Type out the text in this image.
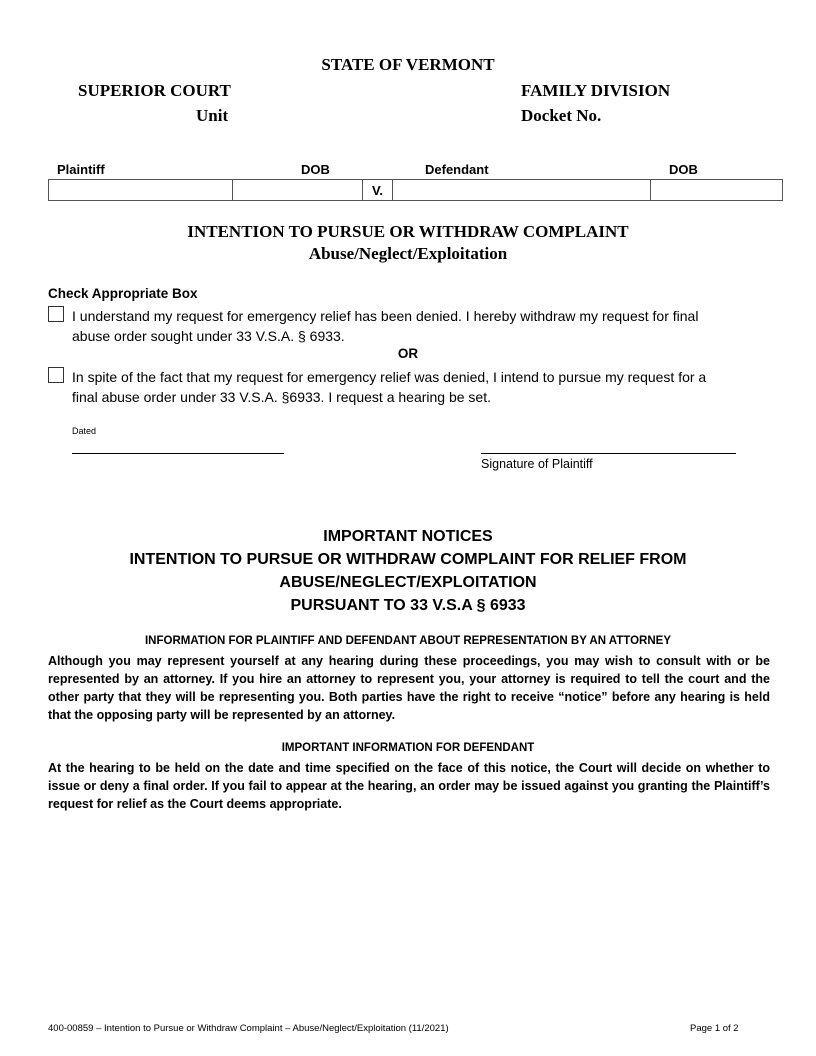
STATE OF VERMONT
SUPERIOR COURT
Unit
FAMILY DIVISION
Docket No.
Plaintiff	DOB	Defendant	DOB
V.
INTENTION TO PURSUE OR WITHDRAW COMPLAINT
Abuse/Neglect/Exploitation
Check Appropriate Box
I understand my request for emergency relief has been denied. I hereby withdraw my request for final
abuse order sought under 33 V.S.A. § 6933.
OR
In spite of the fact that my request for emergency relief was denied, I intend to pursue my request for a
final abuse order under 33 V.S.A. §6933. I request a hearing be set.
Dated
Signature of Plaintiff
IMPORTANT NOTICES
INTENTION TO PURSUE OR WITHDRAW COMPLAINT FOR RELIEF FROM
ABUSE/NEGLECT/EXPLOITATION
PURSUANT TO 33 V.S.A § 6933
INFORMATION FOR PLAINTIFF AND DEFENDANT ABOUT REPRESENTATION BY AN ATTORNEY
Although you may represent yourself at any hearing during these proceedings, you may wish to consult with or be represented by an attorney. If you hire an attorney to represent you, your attorney is required to tell the court and the other party that they will be representing you. Both parties have the right to receive “notice” before any hearing is held that the opposing party will be represented by an attorney.
IMPORTANT INFORMATION FOR DEFENDANT
At the hearing to be held on the date and time specified on the face of this notice, the Court will decide on whether to issue or deny a final order. If you fail to appear at the hearing, an order may be issued against you granting the Plaintiff’s request for relief as the Court deems appropriate.
400-00859 – Intention to Pursue or Withdraw Complaint – Abuse/Neglect/Exploitation (11/2021)	Page 1 of 2
